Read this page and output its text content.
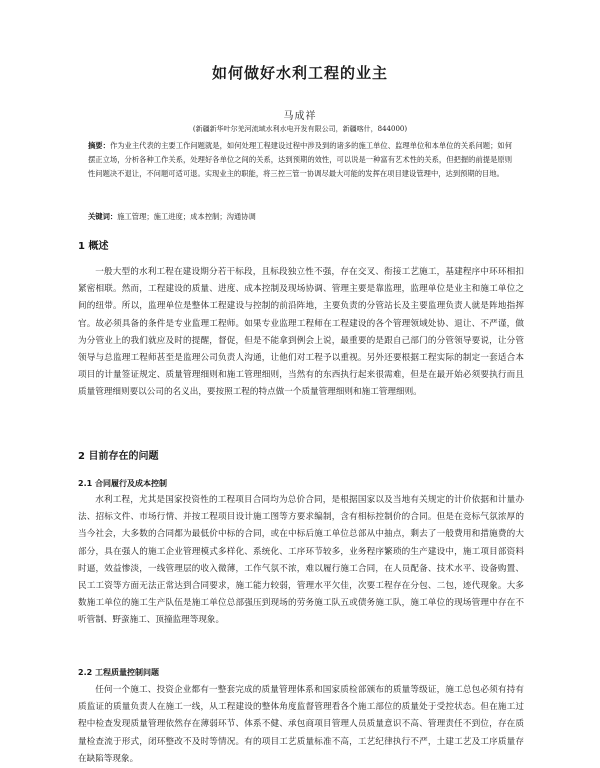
如何做好水利工程的业主
马成祥
(新疆新华叶尔羌河流域水利水电开发有限公司，新疆喀什，844000)
摘要：作为业主代表的主要工作问题就是，如何处理工程建设过程中涉及到的诸多的施工单位、监理单位和本单位的关系问题；如何摆正立场，分析各种工作关系，处理好各单位之间的关系，达到预期的效性，可以说是一种富有艺术性的关系，但把握的前提是原则性问题决不退让，不问题可适可退。实现业主的职能，将三控三管一协调尽最大可能的发挥在项目建设管理中，达到预期的目地。
关键词：施工管理；施工进度；成本控制；沟通协调
1 概述
一般大型的水利工程在建设期分若干标段，且标段独立性不强，存在交叉、衔接工艺施工，基建程序中环环相扣紧密相联。然而，工程建设的质量、进度、成本控制及现场协调、管理主要是靠监理，监理单位是业主和施工单位之间的纽带。所以，监理单位是整体工程建设与控制的前沿阵地，主要负责的分管站长及主要监理负责人就是阵地指挥官。故必须具备的条件是专业监理工程师。如果专业监理工程师在工程建设的各个管理领域处协、退让、不严谨，做为分管业上的我们就应及时的提醒，督促，但是不能拿到例会上说，最重要的是跟自己部门的分管领导要说，让分管领导与总监理工程师甚至是监理公司负责人沟通，让他们对工程予以重视。另外还要根据工程实际的制定一套适合本项目的计量签证规定、质量管理细则和施工管理细则，当然有的东西执行起来很需难，但是在最开始必须要执行而且质量管理细则要以公司的名义出，要按照工程的特点做一个质量管理细则和施工管理细则。
2 目前存在的问题
2.1 合同履行及成本控制
水利工程，尤其是国家投资性的工程项目合同均为总价合同，是根据国家以及当地有关规定的计价依据和计量办法、招标文件、市场行情、并按工程项目设计施工图等方要求编制，含有相标控制价的合同。但是在竞标气氛浓厚的当今社会，大多数的合同都为最低价中标的合同，或在中标后施工单位总部从中抽点，剩去了一般费用和措施费的大部分，具在强人的施工企业管理模式多样化、系统化、工序环节较多，业务程序繁琐的生产建设中，施工项目部资料时逼，效益惨淡，一线管理层的收入微薄，工作气氛不浓，难以履行施工合同，在人员配备、技术水平、设备购置、民工工资等方面无法正常达到合同要求，施工能力较弱，管理水平欠佳，次要工程存在分包、二包，迹代现象。大多数施工单位的施工生产队伍是施工单位总部强压到现场的劳务施工队五或债务施工队，施工单位的现场管理中存在不听管制、野蛮施工、顶撞监理等现象。
2.2 工程质量控制问题
任何一个施工、投资企业都有一整套完成的质量管理体系和国家质检部颁布的质量等级证，施工总包必须有持有质监证的质量负责人在施工一线，从工程建设的整体角度监督管理看各个施工部位的质量处于受控状态。但在施工过程中检查发现质量管理依然存在薄弱环节、体系不健、承包商项目管理人员质量意识不高、管理责任不到位，存在质量检查流于形式，闭环整改不及时等情况。有的项目工艺质量标准不高，工艺纪律执行不严，土建工艺及工序质量存在缺陷等现象。
